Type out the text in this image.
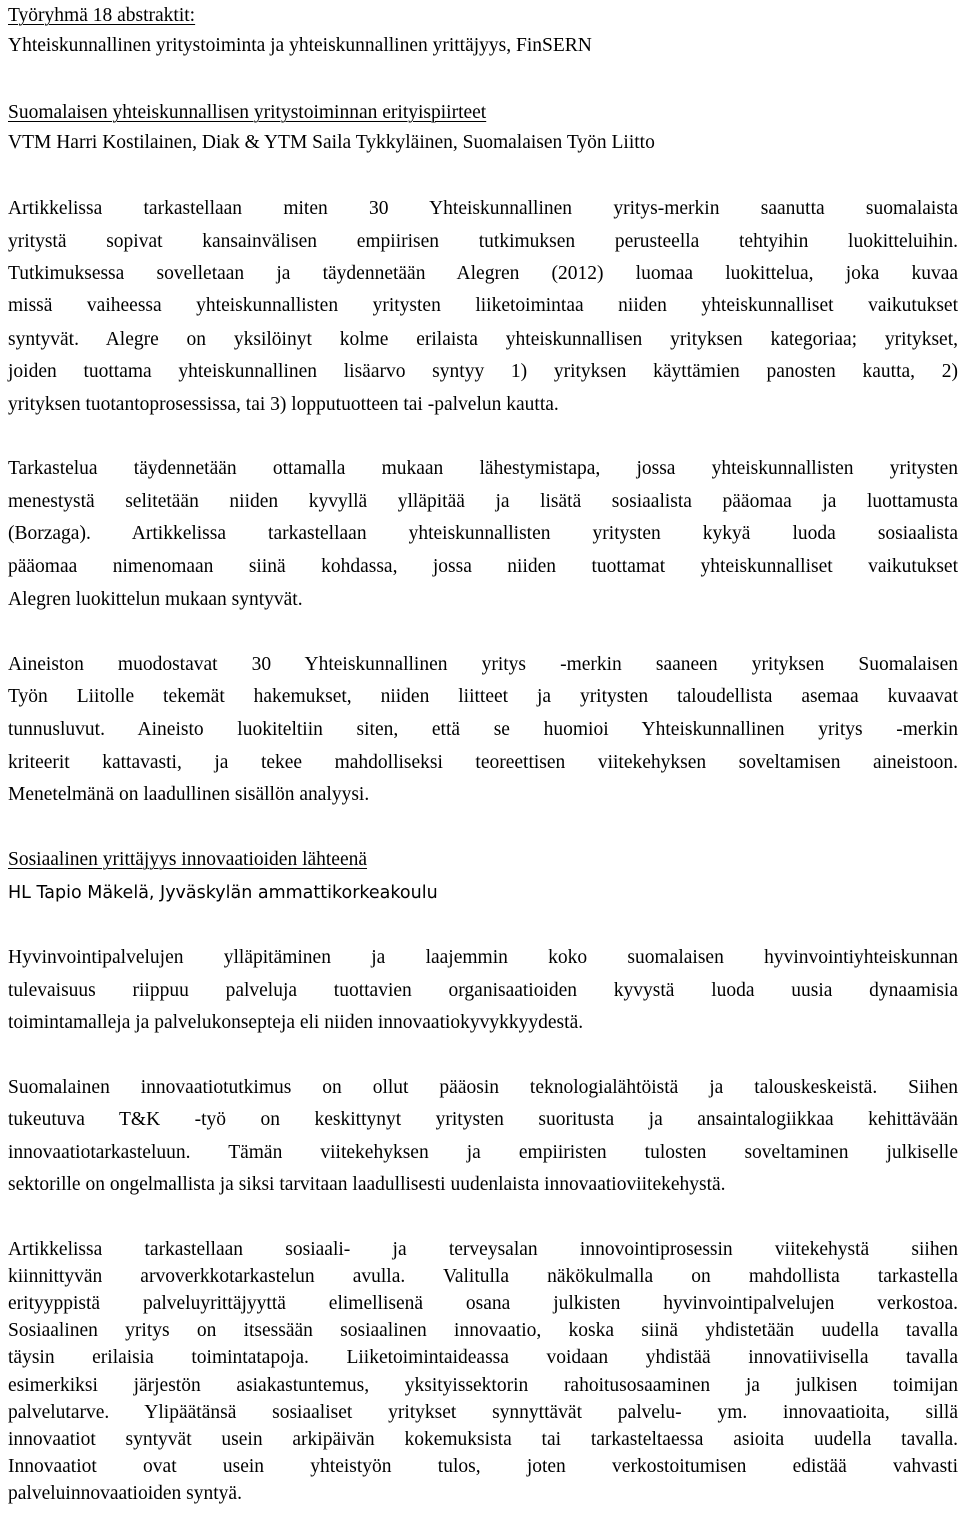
Työryhmä 18 abstraktit:
Yhteiskunnallinen yritystoiminta ja yhteiskunnallinen yrittäjyys, FinSERN
Suomalaisen yhteiskunnallisen yritystoiminnan erityispiirteet
VTM Harri Kostilainen, Diak & YTM Saila Tykkyläinen, Suomalaisen Työn Liitto
Artikkelissa tarkastellaan miten 30 Yhteiskunnallinen yritys-merkin saanutta suomalaista
yritystä sopivat kansainvälisen empiirisen tutkimuksen perusteella tehtyihin luokitteluihin.
Tutkimuksessa sovelletaan ja täydennetään Alegren (2012) luomaa luokittelua, joka kuvaa
missä vaiheessa yhteiskunnallisten yritysten liiketoimintaa niiden yhteiskunnalliset vaikutukset
syntyvät. Alegre on yksilöinyt kolme erilaista yhteiskunnallisen yrityksen kategoriaa; yritykset,
joiden tuottama yhteiskunnallinen lisäarvo syntyy 1) yrityksen käyttämien panosten kautta, 2)
yrityksen tuotantoprosessissa, tai 3) lopputuotteen tai -palvelun kautta.
Tarkastelua täydennetään ottamalla mukaan lähestymistapa, jossa yhteiskunnallisten yritysten
menestystä selitetään niiden kyvyllä ylläpitää ja lisätä sosiaalista pääomaa ja luottamusta
(Borzaga). Artikkelissa tarkastellaan yhteiskunnallisten yritysten kykyä luoda sosiaalista
pääomaa nimenomaan siinä kohdassa, jossa niiden tuottamat yhteiskunnalliset vaikutukset
Alegren luokittelun mukaan syntyvät.
Aineiston muodostavat 30 Yhteiskunnallinen yritys -merkin saaneen yrityksen Suomalaisen
Työn Liitolle tekemät hakemukset, niiden liitteet ja yritysten taloudellista asemaa kuvaavat
tunnusluvut. Aineisto luokiteltiin siten, että se huomioi Yhteiskunnallinen yritys -merkin
kriteerit kattavasti, ja tekee mahdolliseksi teoreettisen viitekehyksen soveltamisen aineistoon.
Menetelmänä on laadullinen sisällön analyysi.
Sosiaalinen yrittäjyys innovaatioiden lähteenä
HL Tapio Mäkelä, Jyväskylän ammattikorkeakoulu
Hyvinvointipalvelujen ylläpitäminen ja laajemmin koko suomalaisen hyvinvointiyhteiskunnan
tulevaisuus riippuu palveluja tuottavien organisaatioiden kyvystä luoda uusia dynaamisia
toimintamalleja ja palvelukonsepteja eli niiden innovaatiokyvykkyydestä.
Suomalainen innovaatiotutkimus on ollut pääosin teknologialähtöistä ja talouskeskeistä. Siihen
tukeutuva T&K -työ on keskittynyt yritysten suoritusta ja ansaintalogiikkaa kehittävään
innovaatiotarkasteluun. Tämän viitekehyksen ja empiiristen tulosten soveltaminen julkiselle
sektorille on ongelmallista ja siksi tarvitaan laadullisesti uudenlaista innovaatioviitekehystä.
Artikkelissa tarkastellaan sosiaali- ja terveysalan innovointiprosessin viitekehystä siihen
kiinnittyvän arvoverkkotarkastelun avulla. Valitulla näkökulmalla on mahdollista tarkastella
erityyppistä palveluyrittäjyyttä elimellisenä osana julkisten hyvinvointipalvelujen verkostoa.
Sosiaalinen yritys on itsessään sosiaalinen innovaatio, koska siinä yhdistetään uudella tavalla
täysin erilaisia toimintatapoja. Liiketoimintaideassa voidaan yhdistää innovatiivisella tavalla
esimerkiksi järjestön asiakastuntemus, yksityissektorin rahoitusosaaminen ja julkisen toimijan
palvelutarve. Ylipäätänsä sosiaaliset yritykset synnyttävät palvelu- ym. innovaatioita, sillä
innovaatiot syntyvät usein arkipäivän kokemuksista tai tarkasteltaessa asioita uudella tavalla.
Innovaatiot ovat usein yhteistyön tulos, joten verkostoitumisen edistää vahvasti
palveluinnovaatioiden syntyä.
